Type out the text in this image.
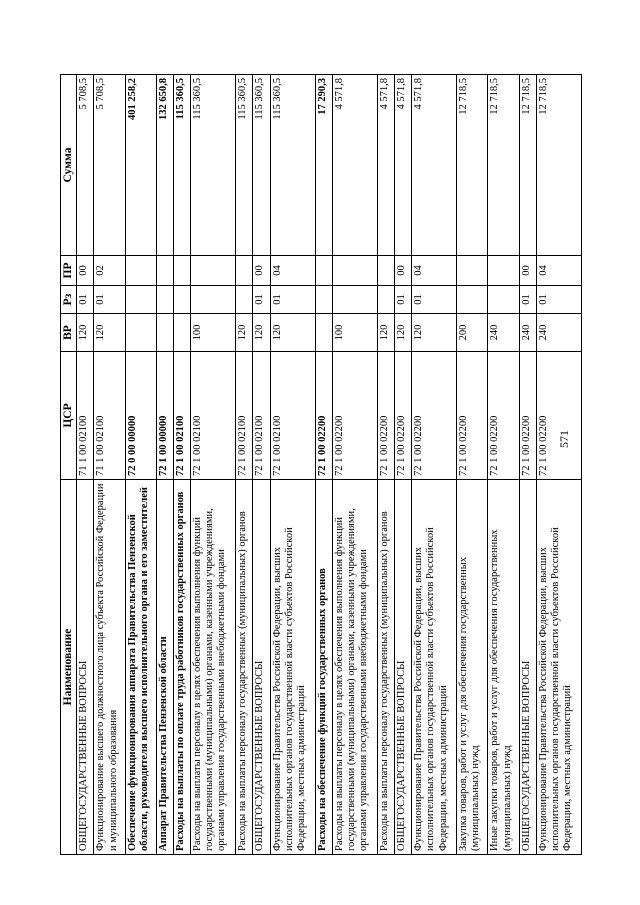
571
Наименование	ЦСР	ВР	Рз	ПР	Сумма
ОБЩЕГОСУДАРСТВЕННЫЕ ВОПРОСЫ	71 1 00 02100	120	01	00	5 708,5
Функционирование высшего должностного лица субъекта Российской Федерации и муниципального образования	71 1 00 02100	120	01	02	5 708,5
Обеспечение функционирования аппарата Правительства Пензенской области, руководителя высшего исполнительного органа и его заместителей	72 0 00 00000				401 258,2
Аппарат Правительства Пензенской области	72 1 00 00000				132 650,8
Расходы на выплаты по оплате труда работников государственных органов	72 1 00 02100				115 360,5
Расходы на выплаты персоналу в целях обеспечения выполнения функций государственными (муниципальными) органами, казенными учреждениями, органами управления государственными внебюджетными фондами	72 1 00 02100	100			115 360,5
Расходы на выплаты персоналу государственных (муниципальных) органов	72 1 00 02100	120			115 360,5
ОБЩЕГОСУДАРСТВЕННЫЕ ВОПРОСЫ	72 1 00 02100	120	01	00	115 360,5
Функционирование Правительства Российской Федерации, высших исполнительных органов государственной власти субъектов Российской Федерации, местных администраций	72 1 00 02100	120	01	04	115 360,5
Расходы на обеспечение функций государственных органов	72 1 00 02200				17 290,3
Расходы на выплаты персоналу в целях обеспечения выполнения функций государственными (муниципальными) органами, казенными учреждениями, органами управления государственными внебюджетными фондами	72 1 00 02200	100			4 571,8
Расходы на выплаты персоналу государственных (муниципальных) органов	72 1 00 02200	120			4 571,8
ОБЩЕГОСУДАРСТВЕННЫЕ ВОПРОСЫ	72 1 00 02200	120	01	00	4 571,8
Функционирование Правительства Российской Федерации, высших исполнительных органов государственной власти субъектов Российской Федерации, местных администраций	72 1 00 02200	120	01	04	4 571,8
Закупка товаров, работ и услуг для обеспечения государственных (муниципальных) нужд	72 1 00 02200	200			12 718,5
Иные закупки товаров, работ и услуг для обеспечения государственных (муниципальных) нужд	72 1 00 02200	240			12 718,5
ОБЩЕГОСУДАРСТВЕННЫЕ ВОПРОСЫ	72 1 00 02200	240	01	00	12 718,5
Функционирование Правительства Российской Федерации, высших исполнительных органов государственной власти субъектов Российской Федерации, местных администраций	72 1 00 02200	240	01	04	12 718,5
